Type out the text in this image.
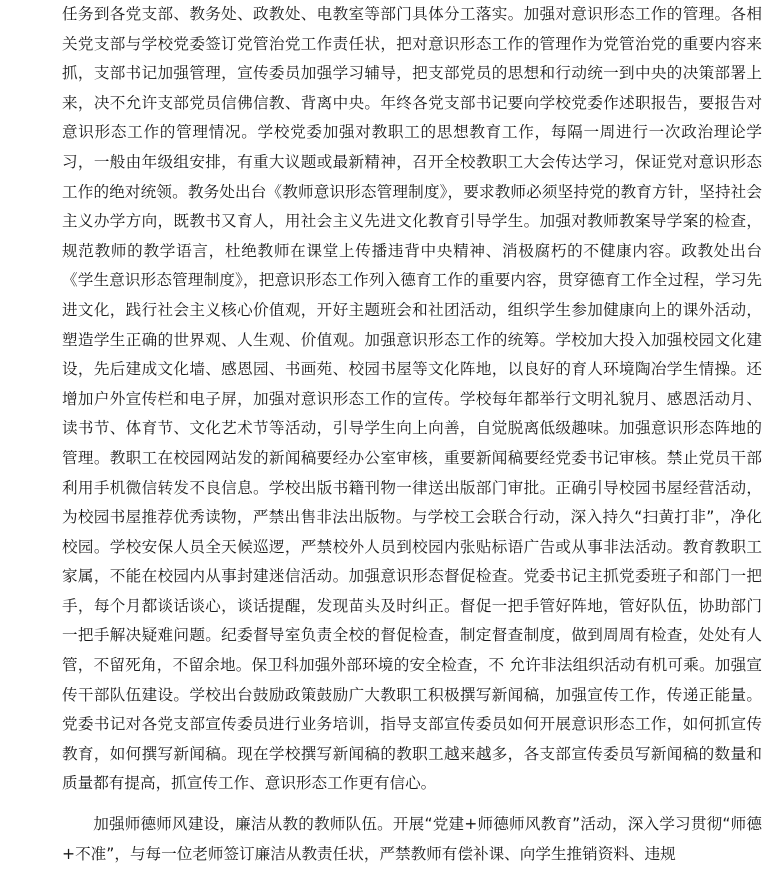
任务到各党支部、教务处、政教处、电教室等部门具体分工落实。加强对意识形态工作的管理。各相关党支部与学校党委签订党管治党工作责任状，把对意识形态工作的管理作为党管治党的重要内容来抓，支部书记加强管理，宣传委员加强学习辅导，把支部党员的思想和行动统一到中央的决策部署上来，决不允许支部党员信佛信教、背离中央。年终各党支部书记要向学校党委作述职报告，要报告对意识形态工作的管理情况。学校党委加强对教职工的思想教育工作，每隔一周进行一次政治理论学习，一般由年级组安排，有重大议题或最新精神，召开全校教职工大会传达学习，保证党对意识形态工作的绝对统领。教务处出台《教师意识形态管理制度》，要求教师必须坚持党的教育方针，坚持社会主义办学方向，既教书又育人，用社会主义先进文化教育引导学生。加强对教师教案导学案的检查，规范教师的教学语言，杜绝教师在课堂上传播违背中央精神、消极腐朽的不健康内容。政教处出台《学生意识形态管理制度》，把意识形态工作列入德育工作的重要内容，贯穿德育工作全过程，学习先进文化，践行社会主义核心价值观，开好主题班会和社团活动，组织学生参加健康向上的课外活动，塑造学生正确的世界观、人生观、价值观。加强意识形态工作的统筹。学校加大投入加强校园文化建设，先后建成文化墙、感恩园、书画苑、校园书屋等文化阵地，以良好的育人环境陶冶学生情操。还增加户外宣传栏和电子屏，加强对意识形态工作的宣传。学校每年都举行文明礼貌月、感恩活动月、读书节、体育节、文化艺术节等活动，引导学生向上向善，自觉脱离低级趣味。加强意识形态阵地的管理。教职工在校园网站发的新闻稿要经办公室审核，重要新闻稿要经党委书记审核。禁止党员干部利用手机微信转发不良信息。学校出版书籍刊物一律送出版部门审批。正确引导校园书屋经营活动，为校园书屋推荐优秀读物，严禁出售非法出版物。与学校工会联合行动，深入持久“扫黄打非”，净化校园。学校安保人员全天候巡逻，严禁校外人员到校园内张贴标语广告或从事非法活动。教育教职工家属，不能在校园内从事封建迷信活动。加强意识形态督促检查。党委书记主抓党委班子和部门一把手，每个月都谈话谈心，谈话提醒，发现苗头及时纠正。督促一把手管好阵地，管好队伍，协助部门一把手解决疑难问题。纪委督导室负责全校的督促检查，制定督查制度，做到周周有检查，处处有人管，不留死角，不留余地。保卫科加强外部环境的安全检查，不 允许非法组织活动有机可乘。加强宣传干部队伍建设。学校出台鼓励政策鼓励广大教职工积极撰写新闻稿，加强宣传工作，传递正能量。党委书记对各党支部宣传委员进行业务培训，指导支部宣传委员如何开展意识形态工作，如何抓宣传教育，如何撰写新闻稿。现在学校撰写新闻稿的教职工越来越多，各支部宣传委员写新闻稿的数量和质量都有提高，抓宣传工作、意识形态工作更有信心。

加强师德师风建设，廉洁从教的教师队伍。开展“党建+师德师风教育”活动，深入学习贯彻“师德+不准”，与每一位老师签订廉洁从教责任状，严禁教师有偿补课、向学生推销资料、违规
